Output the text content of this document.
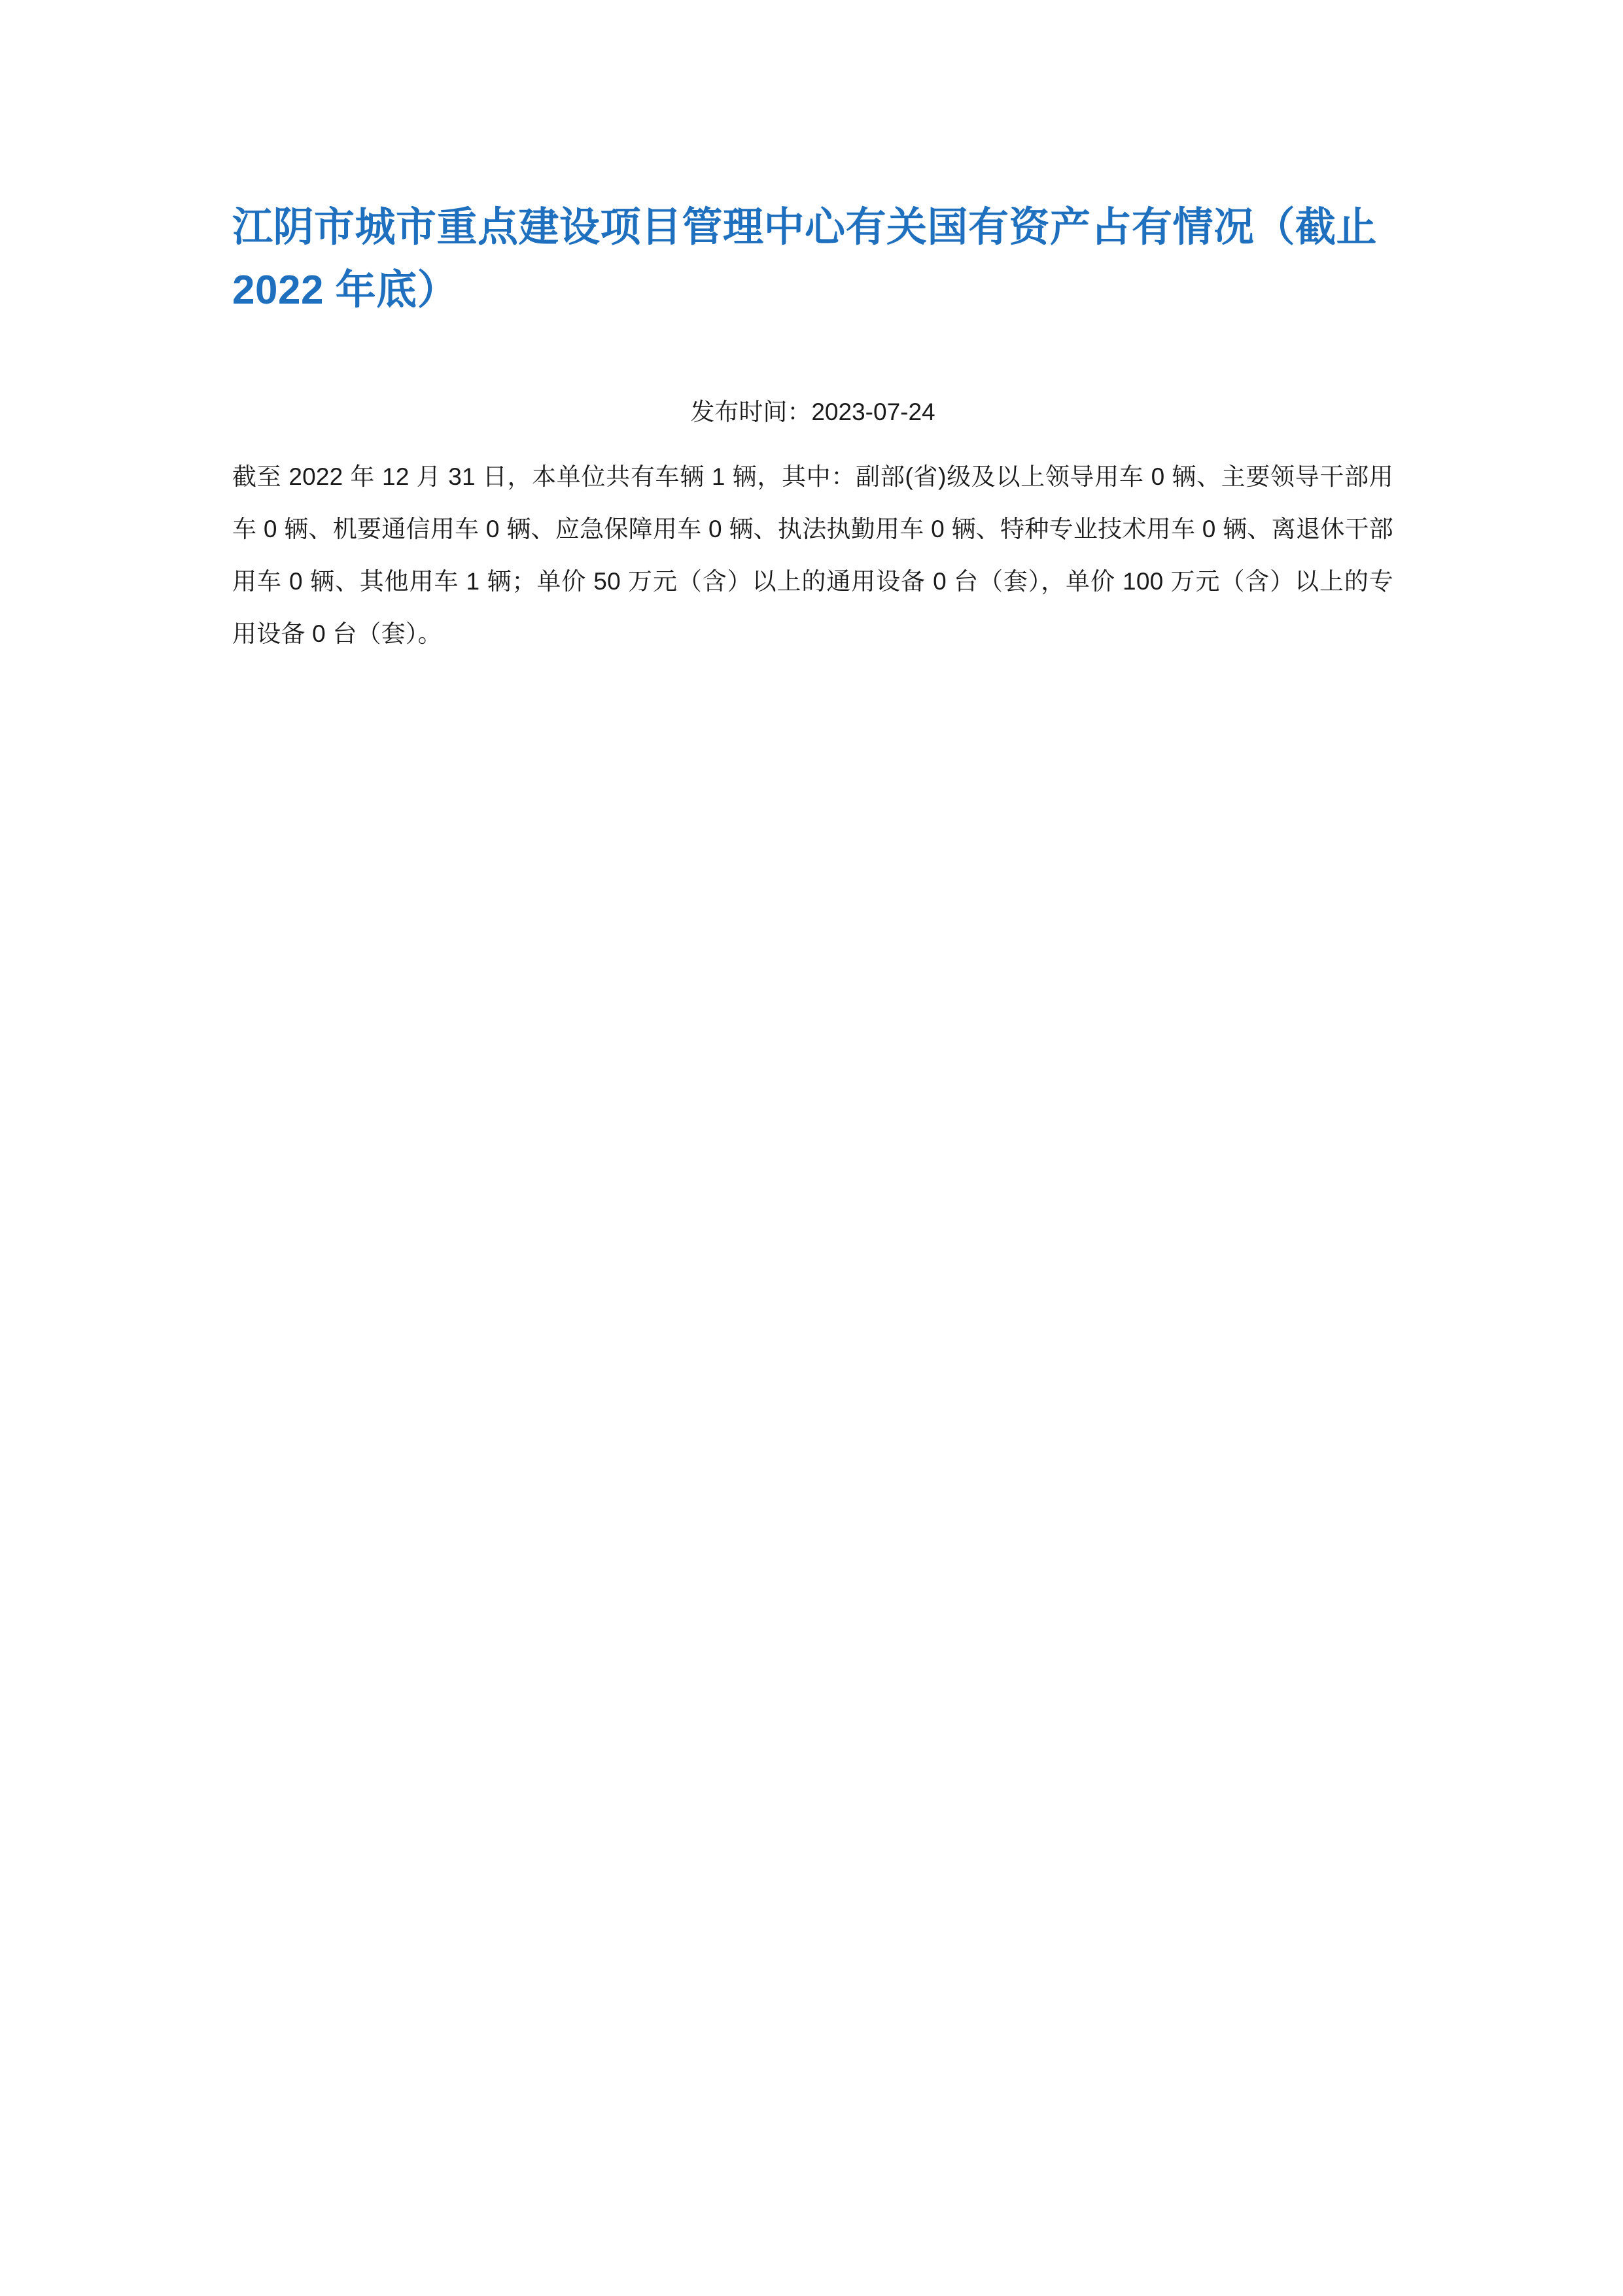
江阴市城市重点建设项目管理中心有关国有资产占有情况（截止 2022 年底）
发布时间：2023-07-24

截至 2022 年 12 月 31 日，本单位共有车辆 1 辆，其中：副部(省)级及以上领导用车 0 辆、主要领导干部用车 0 辆、机要通信用车 0 辆、应急保障用车 0 辆、执法执勤用车 0 辆、特种专业技术用车 0 辆、离退休干部用车 0 辆、其他用车 1 辆；单价 50 万元（含）以上的通用设备 0 台（套），单价 100 万元（含）以上的专用设备 0 台（套）。
